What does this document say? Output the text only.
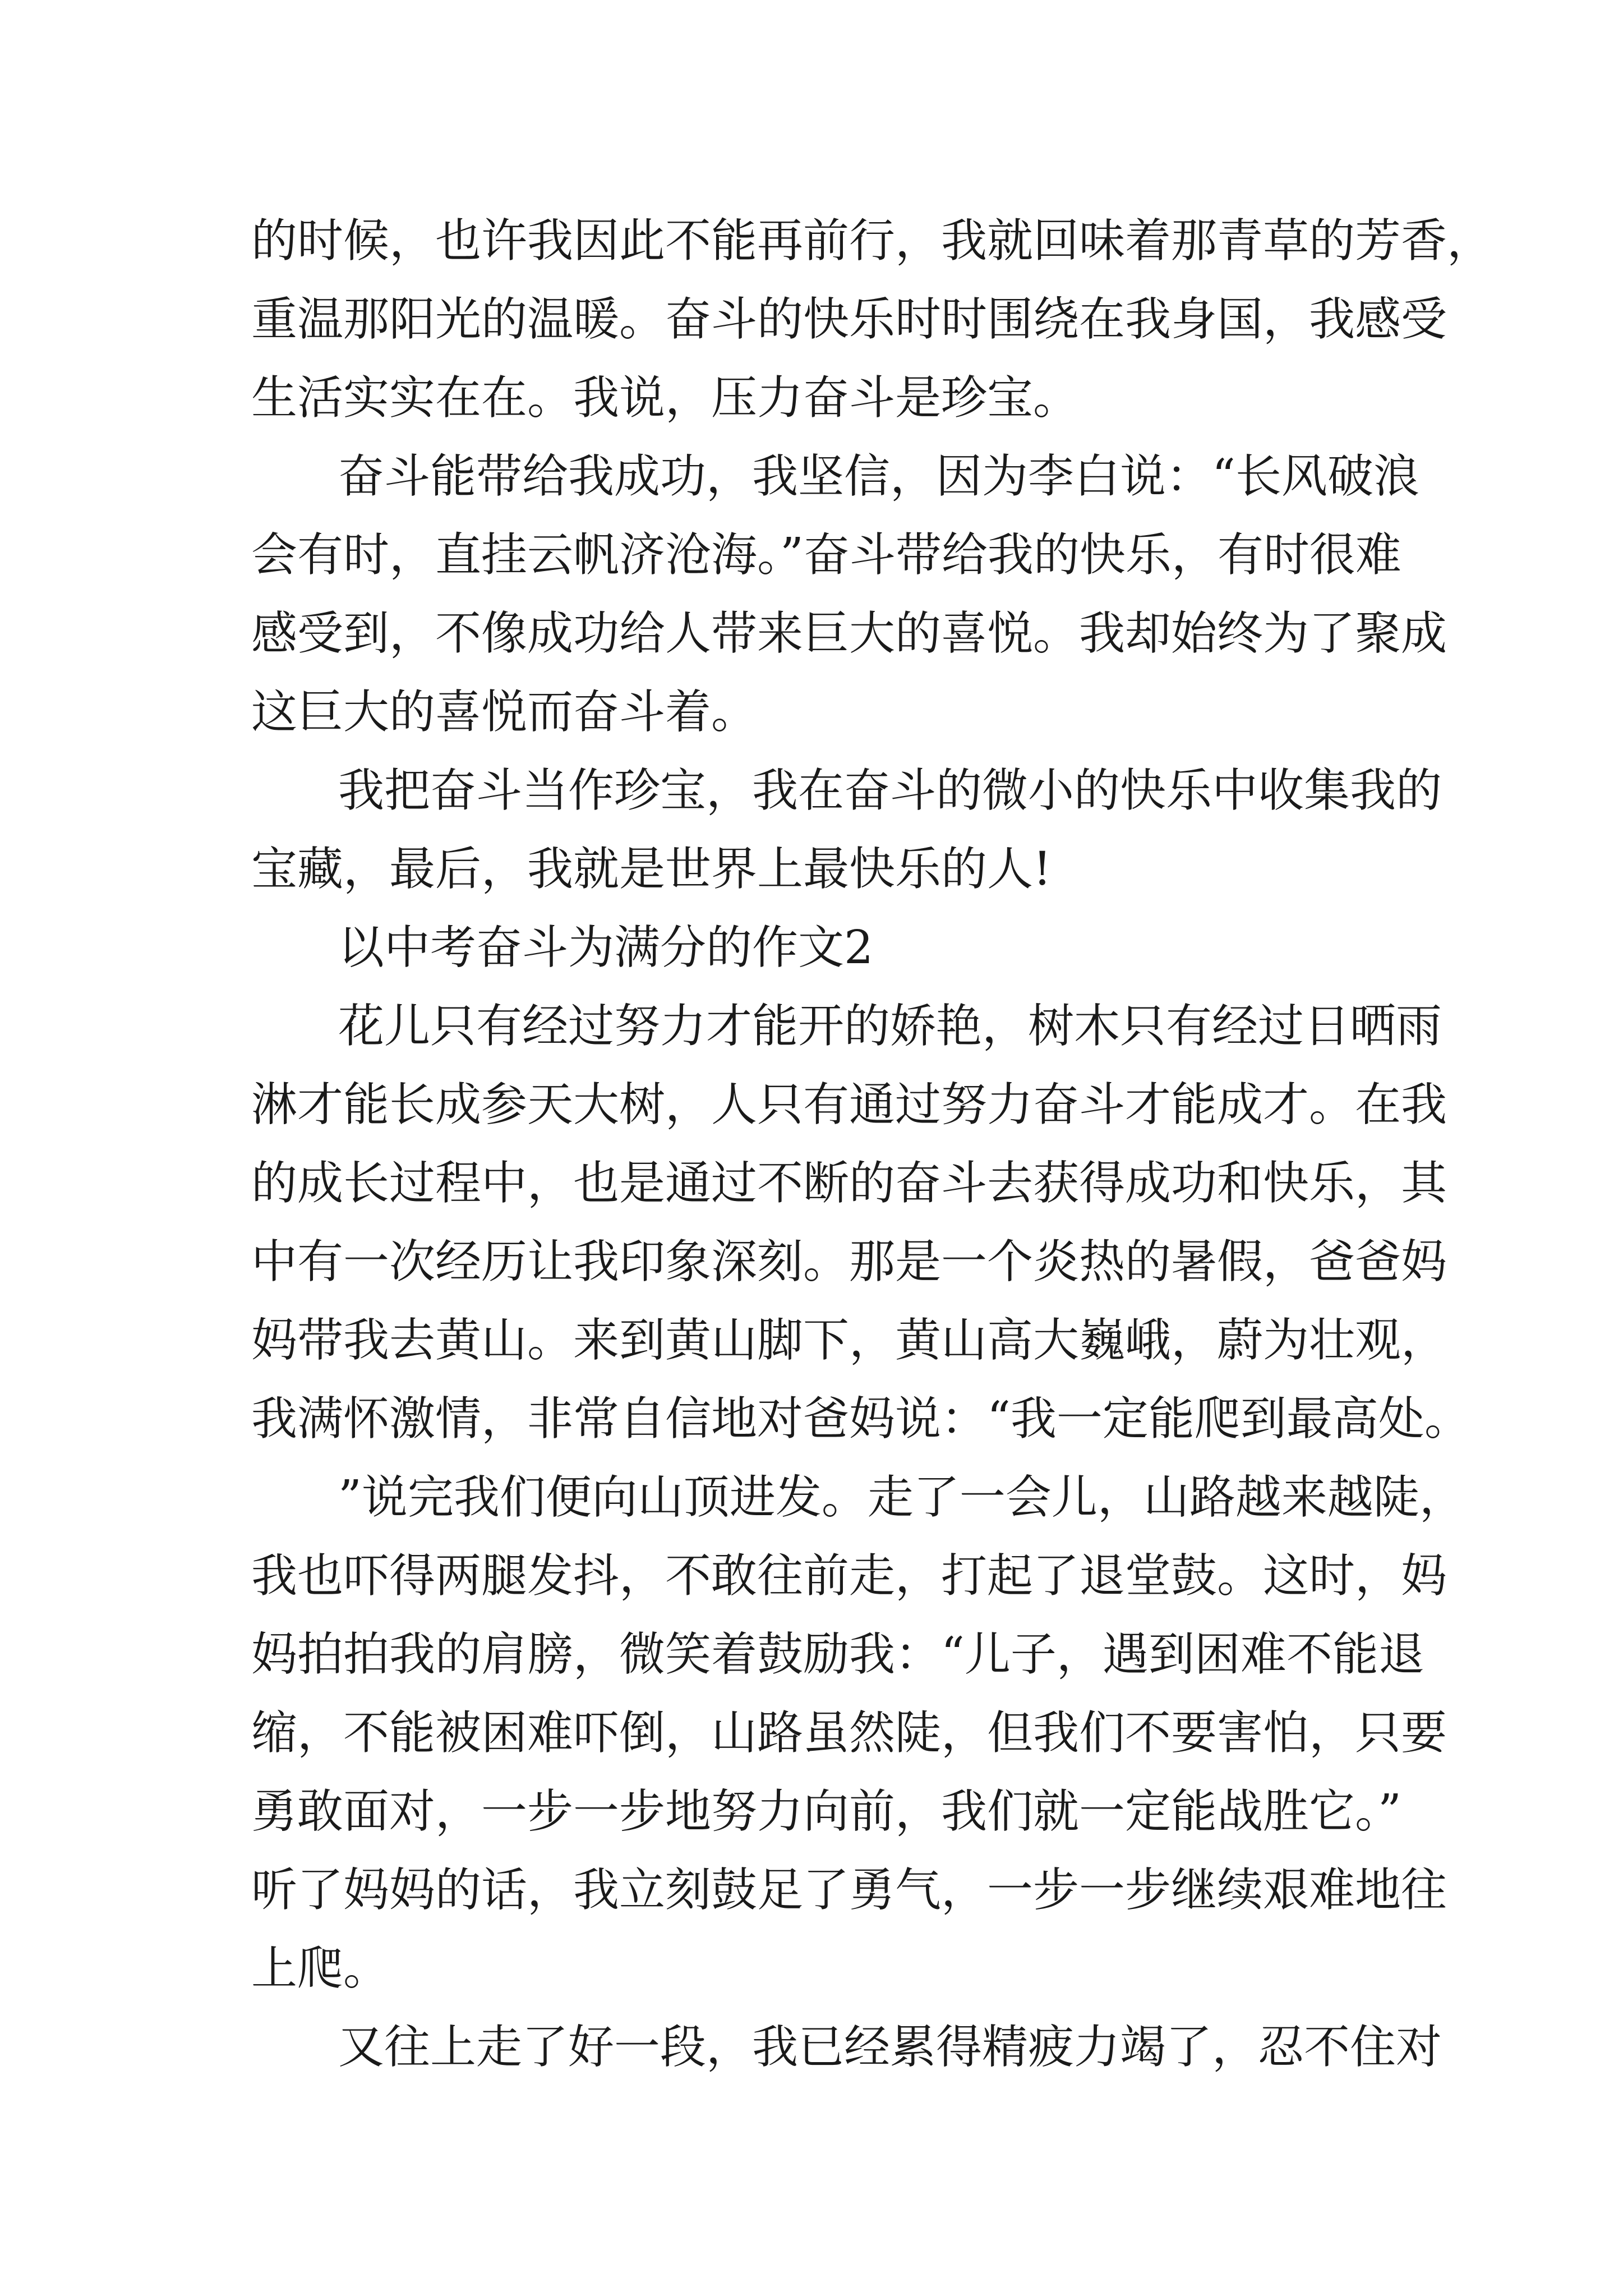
的时候，也许我因此不能再前行，我就回味着那青草的芳香，
重温那阳光的温暖。奋斗的快乐时时围绕在我身国，我感受
生活实实在在。我说，压力奋斗是珍宝。
奋斗能带给我成功，我坚信，因为李白说：“长风破浪
会有时，直挂云帆济沧海。”奋斗带给我的快乐，有时很难
感受到，不像成功给人带来巨大的喜悦。我却始终为了聚成
这巨大的喜悦而奋斗着。
我把奋斗当作珍宝，我在奋斗的微小的快乐中收集我的
宝藏，最后，我就是世界上最快乐的人!
以中考奋斗为满分的作文2
花儿只有经过努力才能开的娇艳，树木只有经过日晒雨
淋才能长成参天大树，人只有通过努力奋斗才能成才。在我
的成长过程中，也是通过不断的奋斗去获得成功和快乐，其
中有一次经历让我印象深刻。那是一个炎热的暑假，爸爸妈
妈带我去黄山。来到黄山脚下，黄山高大巍峨，蔚为壮观，
我满怀激情，非常自信地对爸妈说：“我一定能爬到最高处。
”说完我们便向山顶进发。走了一会儿，山路越来越陡，
我也吓得两腿发抖，不敢往前走，打起了退堂鼓。这时，妈
妈拍拍我的肩膀，微笑着鼓励我：“儿子，遇到困难不能退
缩，不能被困难吓倒，山路虽然陡，但我们不要害怕，只要
勇敢面对，一步一步地努力向前，我们就一定能战胜它。”
听了妈妈的话，我立刻鼓足了勇气，一步一步继续艰难地往
上爬。
又往上走了好一段，我已经累得精疲力竭了，忍不住对
